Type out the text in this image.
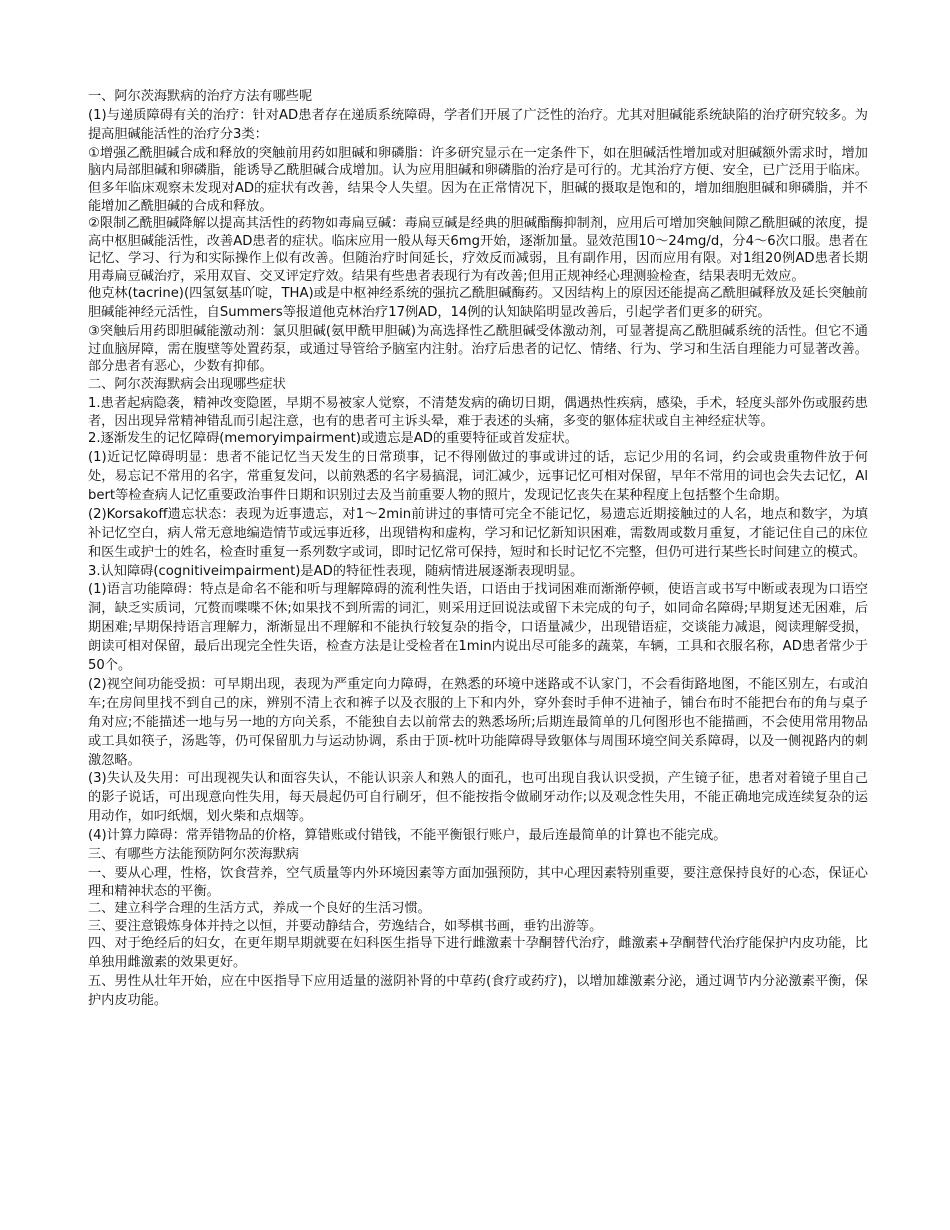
一、阿尔茨海默病的治疗方法有哪些呢

(1)与递质障碍有关的治疗：针对AD患者存在递质系统障碍，学者们开展了广泛性的治疗。尤其对胆碱能系统缺陷的治疗研究较多。为提高胆碱能活性的治疗分3类：

①增强乙酰胆碱合成和释放的突触前用药如胆碱和卵磷脂：许多研究显示在一定条件下，如在胆碱活性增加或对胆碱额外需求时，增加脑内局部胆碱和卵磷脂，能诱导乙酰胆碱合成增加。认为应用胆碱和卵磷脂的治疗是可行的。尤其治疗方便、安全，已广泛用于临床。但多年临床观察未发现对AD的症状有改善，结果令人失望。因为在正常情况下，胆碱的摄取是饱和的，增加细胞胆碱和卵磷脂，并不能增加乙酰胆碱的合成和释放。

②限制乙酰胆碱降解以提高其活性的药物如毒扁豆碱：毒扁豆碱是经典的胆碱酯酶抑制剂，应用后可增加突触间隙乙酰胆碱的浓度，提高中枢胆碱能活性，改善AD患者的症状。临床应用一般从每天6mg开始，逐渐加量。显效范围10～24mg/d，分4～6次口服。患者在记忆、学习、行为和实际操作上似有改善。但随治疗时间延长，疗效反而减弱，且有副作用，因而应用有限。对1组20例AD患者长期用毒扁豆碱治疗，采用双盲、交叉评定疗效。结果有些患者表现行为有改善;但用正规神经心理测验检查，结果表明无效应。

他克林(tacrine)(四氢氨基吖啶，THA)或是中枢神经系统的强抗乙酰胆碱酶药。又因结构上的原因还能提高乙酰胆碱释放及延长突触前胆碱能神经元活性，自Summers等报道他克林治疗17例AD，14例的认知缺陷明显改善后，引起学者们更多的研究。

③突触后用药即胆碱能激动剂：氯贝胆碱(氨甲酰甲胆碱)为高选择性乙酰胆碱受体激动剂，可显著提高乙酰胆碱系统的活性。但它不通过血脑屏障，需在腹壁等处置药泵，或通过导管给予脑室内注射。治疗后患者的记忆、情绪、行为、学习和生活自理能力可显著改善。部分患者有恶心，少数有抑郁。

二、阿尔茨海默病会出现哪些症状

1.患者起病隐袭，精神改变隐匿，早期不易被家人觉察，不清楚发病的确切日期，偶遇热性疾病，感染，手术，轻度头部外伤或服药患者，因出现异常精神错乱而引起注意，也有的患者可主诉头晕，难于表述的头痛，多变的躯体症状或自主神经症状等。

2.逐渐发生的记忆障碍(memoryimpairment)或遗忘是AD的重要特征或首发症状。

(1)近记忆障碍明显：患者不能记忆当天发生的日常琐事，记不得刚做过的事或讲过的话，忘记少用的名词，约会或贵重物件放于何处，易忘记不常用的名字，常重复发问，以前熟悉的名字易搞混，词汇减少，远事记忆可相对保留，早年不常用的词也会失去记忆，Albert等检查病人记忆重要政治事件日期和识别过去及当前重要人物的照片，发现记忆丧失在某种程度上包括整个生命期。

(2)Korsakoff遗忘状态：表现为近事遗忘，对1～2min前讲过的事情可完全不能记忆，易遗忘近期接触过的人名，地点和数字，为填补记忆空白，病人常无意地编造情节或远事近移，出现错构和虚构，学习和记忆新知识困难，需数周或数月重复，才能记住自己的床位和医生或护士的姓名，检查时重复一系列数字或词，即时记忆常可保持，短时和长时记忆不完整，但仍可进行某些长时间建立的模式。

3.认知障碍(cognitiveimpairment)是AD的特征性表现，随病情进展逐渐表现明显。

(1)语言功能障碍：特点是命名不能和听与理解障碍的流利性失语，口语由于找词困难而渐渐停顿，使语言或书写中断或表现为口语空洞，缺乏实质词，冗赘而喋喋不休;如果找不到所需的词汇，则采用迂回说法或留下未完成的句子，如同命名障碍;早期复述无困难，后期困难;早期保持语言理解力，渐渐显出不理解和不能执行较复杂的指令，口语量减少，出现错语症，交谈能力减退，阅读理解受损，朗读可相对保留，最后出现完全性失语，检查方法是让受检者在1min内说出尽可能多的蔬菜，车辆，工具和衣服名称，AD患者常少于50个。

(2)视空间功能受损：可早期出现，表现为严重定向力障碍，在熟悉的环境中迷路或不认家门，不会看街路地图，不能区别左，右或泊车;在房间里找不到自己的床，辨别不清上衣和裤子以及衣服的上下和内外，穿外套时手伸不进袖子，铺台布时不能把台布的角与桌子角对应;不能描述一地与另一地的方向关系，不能独自去以前常去的熟悉场所;后期连最简单的几何图形也不能描画，不会使用常用物品或工具如筷子，汤匙等，仍可保留肌力与运动协调，系由于顶-枕叶功能障碍导致躯体与周围环境空间关系障碍，以及一侧视路内的刺激忽略。

(3)失认及失用：可出现视失认和面容失认，不能认识亲人和熟人的面孔，也可出现自我认识受损，产生镜子征，患者对着镜子里自己的影子说话，可出现意向性失用，每天晨起仍可自行刷牙，但不能按指令做刷牙动作;以及观念性失用，不能正确地完成连续复杂的运用动作，如叼纸烟，划火柴和点烟等。

(4)计算力障碍：常弄错物品的价格，算错账或付错钱，不能平衡银行账户，最后连最简单的计算也不能完成。

三、有哪些方法能预防阿尔茨海默病

一、要从心理，性格，饮食营养，空气质量等内外环境因素等方面加强预防，其中心理因素特别重要，要注意保持良好的心态，保证心理和精神状态的平衡。

二、建立科学合理的生活方式，养成一个良好的生活习惯。

三、要注意锻炼身体并持之以恒，并要动静结合，劳逸结合，如琴棋书画，垂钓出游等。

四、对于绝经后的妇女，在更年期早期就要在妇科医生指导下进行雌激素十孕酮替代治疗，雌激素+孕酮替代治疗能保护内皮功能，比单独用雌激素的效果更好。

五、男性从壮年开始，应在中医指导下应用适量的滋阴补肾的中草药(食疗或药疗)，以增加雄激素分泌，通过调节内分泌激素平衡，保护内皮功能。
